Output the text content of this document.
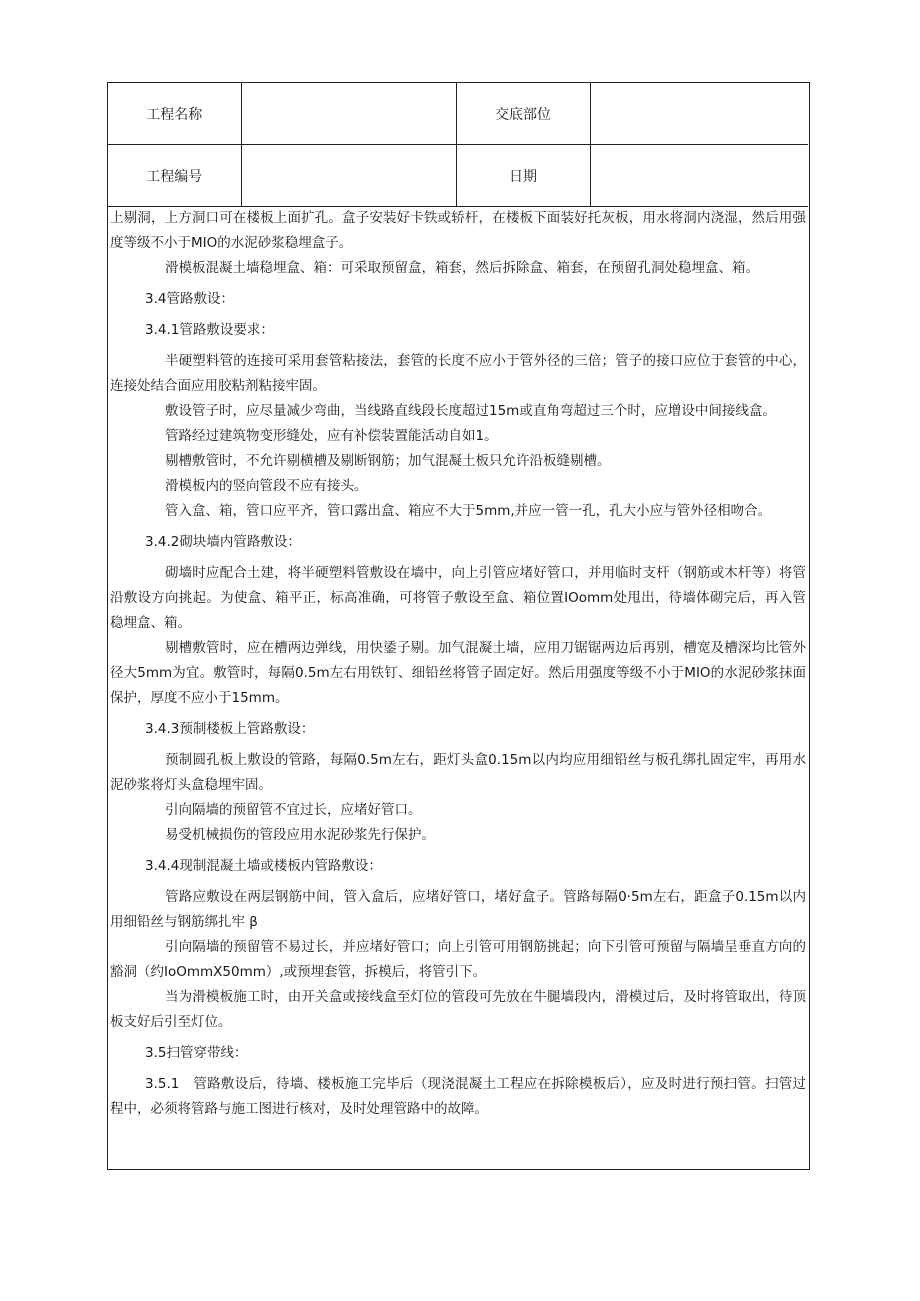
工程名称		交底部位	
工程编号		日期	

上剔洞，上方洞口可在楼板上面扩孔。盒子安装好卡铁或轿杆，在楼板下面装好托灰板，用水将洞内浇湿，然后用强度等级不小于MIO的水泥砂浆稳埋盒子。

滑模板混凝土墙稳埋盒、箱：可采取预留盒，箱套，然后拆除盒、箱套，在预留孔洞处稳埋盒、箱。

3.4管路敷设：

3.4.1管路敷设要求：

半硬塑料管的连接可采用套管粘接法，套管的长度不应小于管外径的三倍；管子的接口应位于套管的中心，连接处结合面应用胶粘剂粘接牢固。

敷设管子时，应尽量减少弯曲，当线路直线段长度超过15m或直角弯超过三个时，应增设中间接线盒。

管路经过建筑物变形缝处，应有补偿装置能活动自如1。

剔槽敷管时，不允许剔横槽及剔断钢筋；加气混凝土板只允许沿板缝剔槽。

滑模板内的竖向管段不应有接头。

管入盒、箱，管口应平齐，管口露出盒、箱应不大于5mm,并应一管一孔，孔大小应与管外径相吻合。

3.4.2砌块墙内管路敷设：

砌墙时应配合土建，将半硬塑料管敷设在墙中，向上引管应堵好管口，并用临时支杆（钢筋或木杆等）将管沿敷设方向挑起。为使盒、箱平正，标高准确，可将管子敷设至盒、箱位置IOomm处甩出，待墙体砌完后，再入管稳埋盒、箱。

剔槽敷管时，应在槽两边弹线，用快鋈子剔。加气混凝土墙，应用刀锯锯两边后再别，槽宽及槽深均比管外径大5mm为宜。敷管时，每隔0.5m左右用铁钉、细铅丝将管子固定好。然后用强度等级不小于MIO的水泥砂浆抹面保护，厚度不应小于15mm。

3.4.3预制楼板上管路敷设：

预制圆孔板上敷设的管路，每隔0.5m左右，距灯头盒0.15m以内均应用细铅丝与板孔绑扎固定牢，再用水泥砂浆将灯头盒稳埋牢固。

引向隔墙的预留管不宜过长，应堵好管口。

易受机械损伤的管段应用水泥砂浆先行保护。

3.4.4现制混凝土墙或楼板内管路敷设：

管路应敷设在两层钢筋中间，管入盒后，应堵好管口，堵好盒子。管路每隔0·5m左右，距盒子0.15m以内用细铅丝与钢筋绑扎牢 β

引向隔墙的预留管不易过长，并应堵好管口；向上引管可用钢筋挑起；向下引管可预留与隔墙呈垂直方向的豁洞（约IoOmmX50mm）,或预埋套管，拆模后，将管引下。

当为滑模板施工时，由开关盒或接线盒至灯位的管段可先放在牛腿墙段内，滑模过后，及时将管取出，待顶板支好后引至灯位。

3.5扫管穿带线：

3.5.1　管路敷设后，待墙、楼板施工完毕后（现浇混凝土工程应在拆除模板后），应及时进行预扫管。扫管过程中，必须将管路与施工图进行核对，及时处理管路中的故障。
